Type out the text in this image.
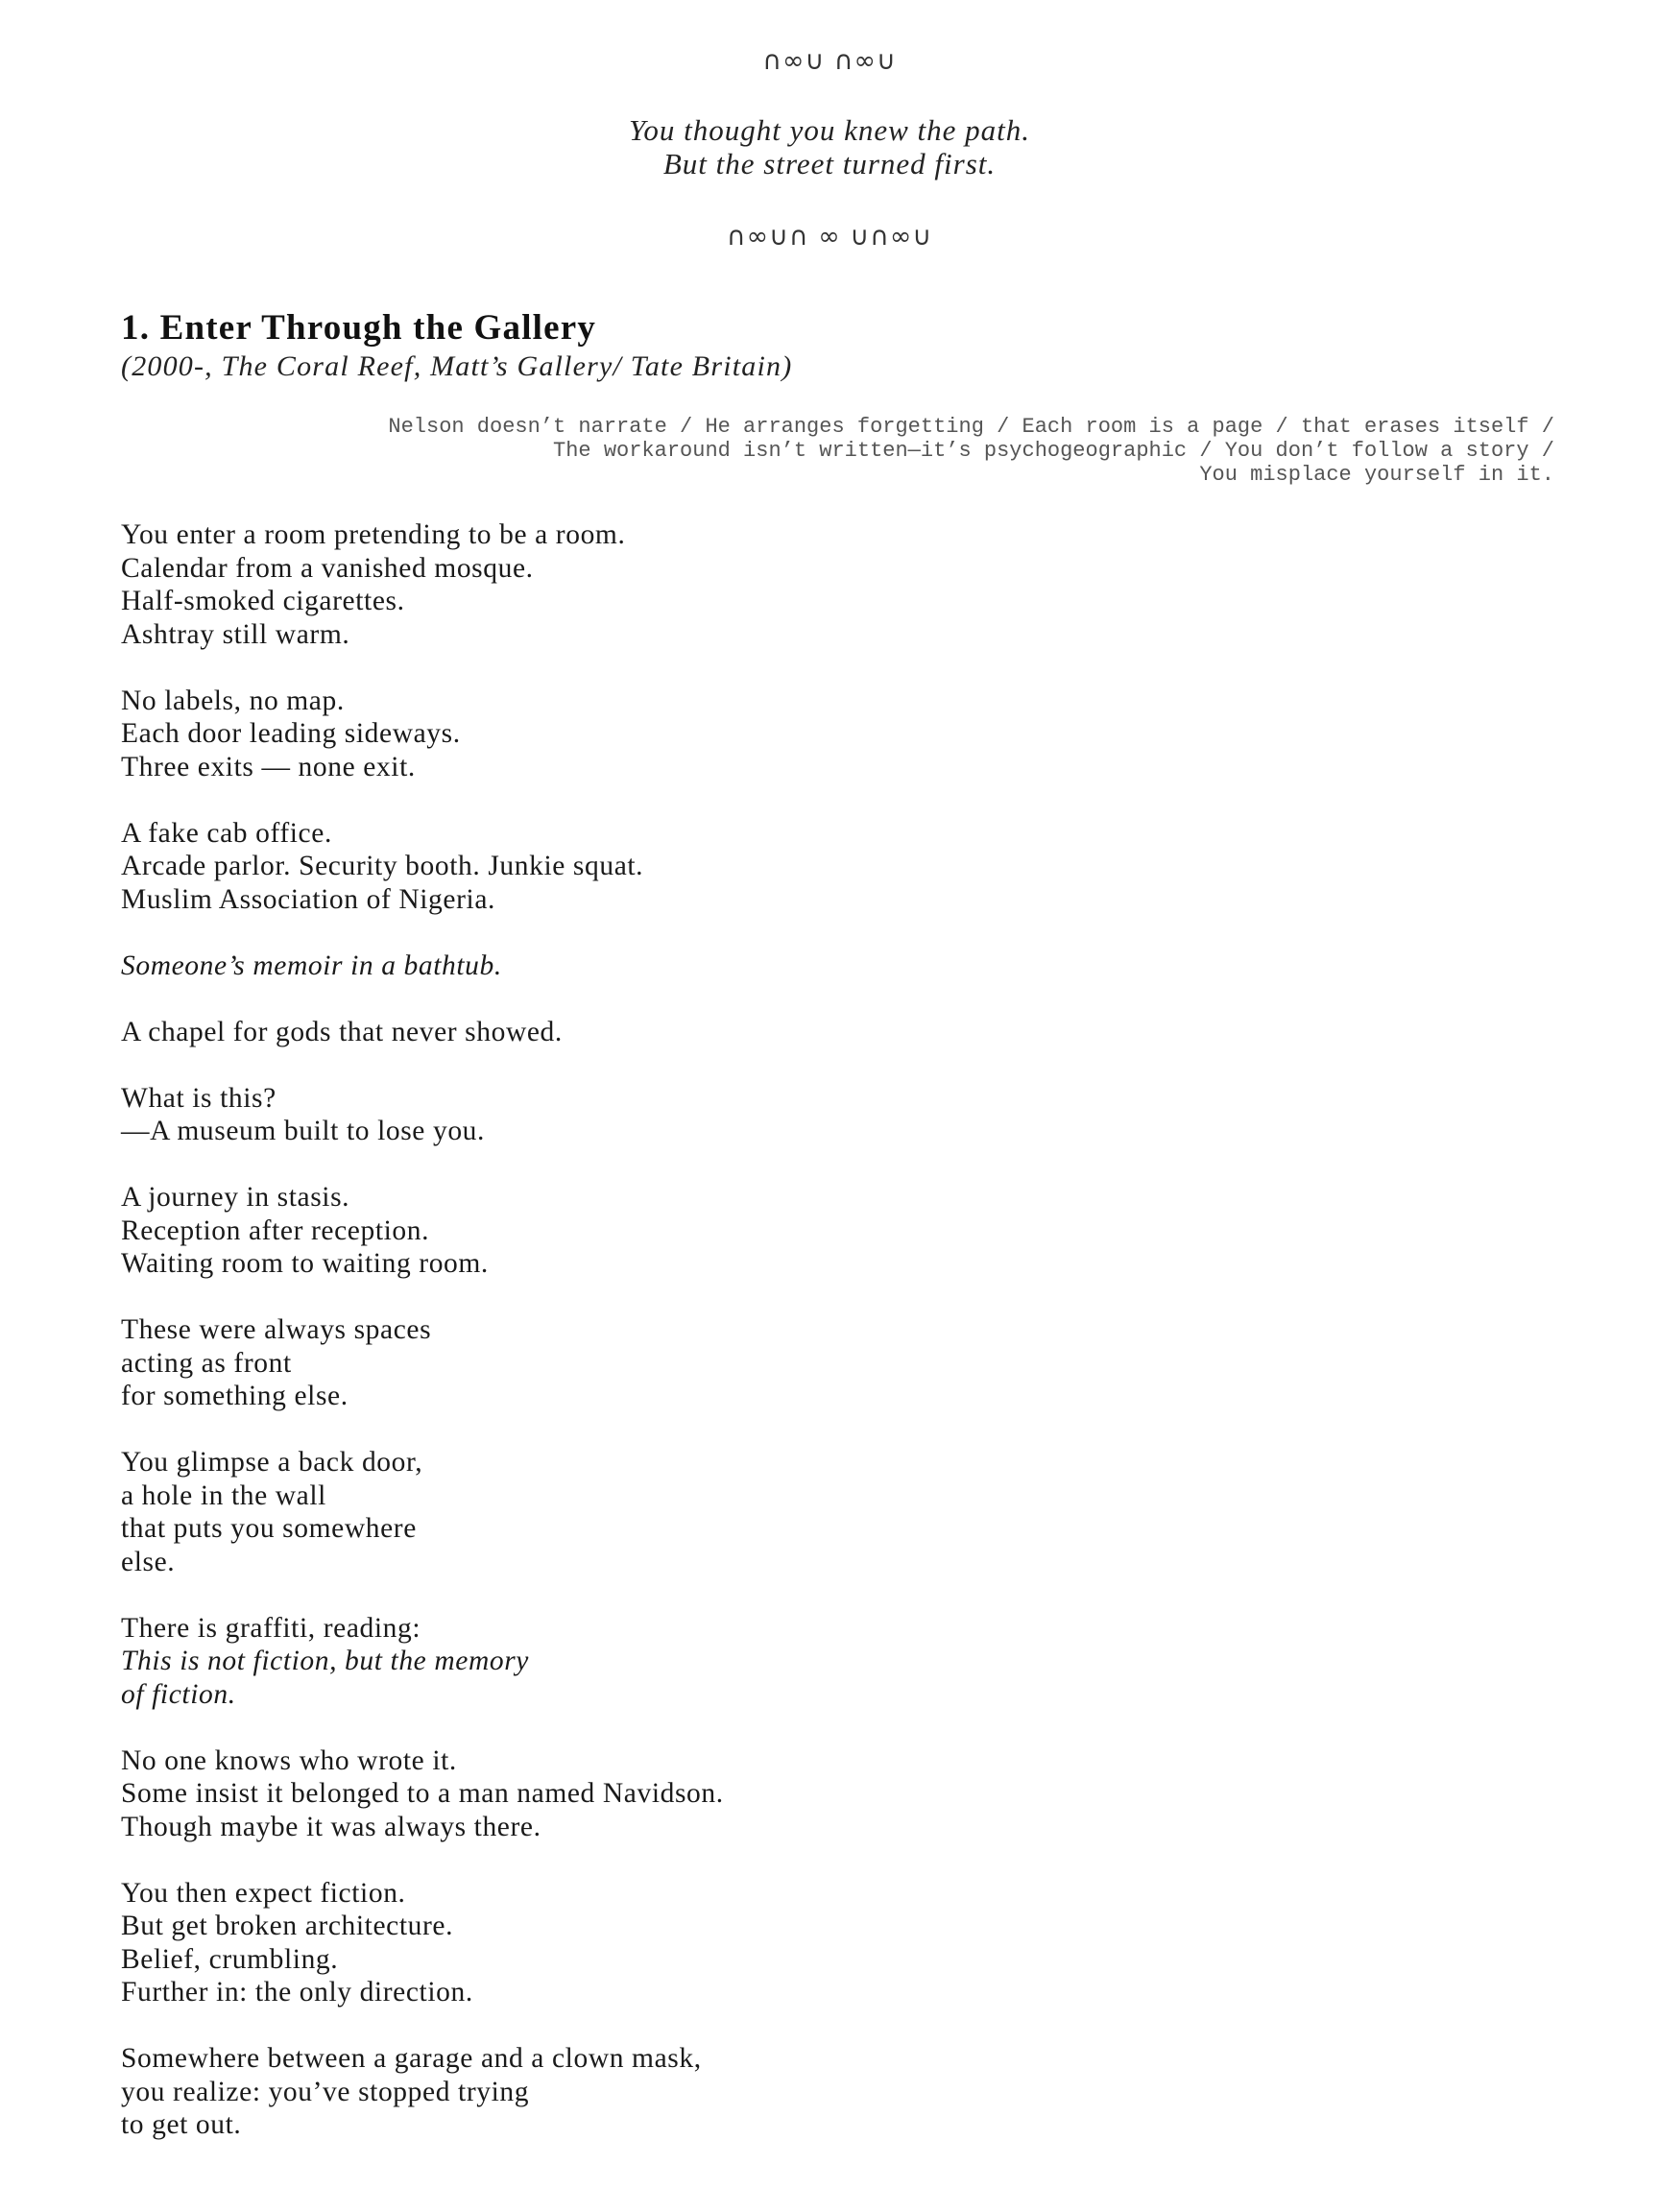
∩∞∪ ∩∞∪
You thought you knew the path.
But the street turned first.
∩∞∪∩ ∞ ∪∩∞∪
1. Enter Through the Gallery
(2000-, The Coral Reef, Matt’s Gallery/ Tate Britain)
Nelson doesn’t narrate / He arranges forgetting / Each room is a page / that erases itself /
The workaround isn’t written—it’s psychogeographic / You don’t follow a story /
You misplace yourself in it.
You enter a room pretending to be a room.
Calendar from a vanished mosque.
Half-smoked cigarettes.
Ashtray still warm.
No labels, no map.
Each door leading sideways.
Three exits — none exit.
A fake cab office.
Arcade parlor. Security booth. Junkie squat.
Muslim Association of Nigeria.
Someone’s memoir in a bathtub.
A chapel for gods that never showed.
What is this?
—A museum built to lose you.
A journey in stasis.
Reception after reception.
Waiting room to waiting room.
These were always spaces
acting as front
for something else.
You glimpse a back door,
a hole in the wall
that puts you somewhere
else.
There is graffiti, reading:
This is not fiction, but the memory
of fiction.
No one knows who wrote it.
Some insist it belonged to a man named Navidson.
Though maybe it was always there.
You then expect fiction.
But get broken architecture.
Belief, crumbling.
Further in: the only direction.
Somewhere between a garage and a clown mask,
you realize: you’ve stopped trying
to get out.
